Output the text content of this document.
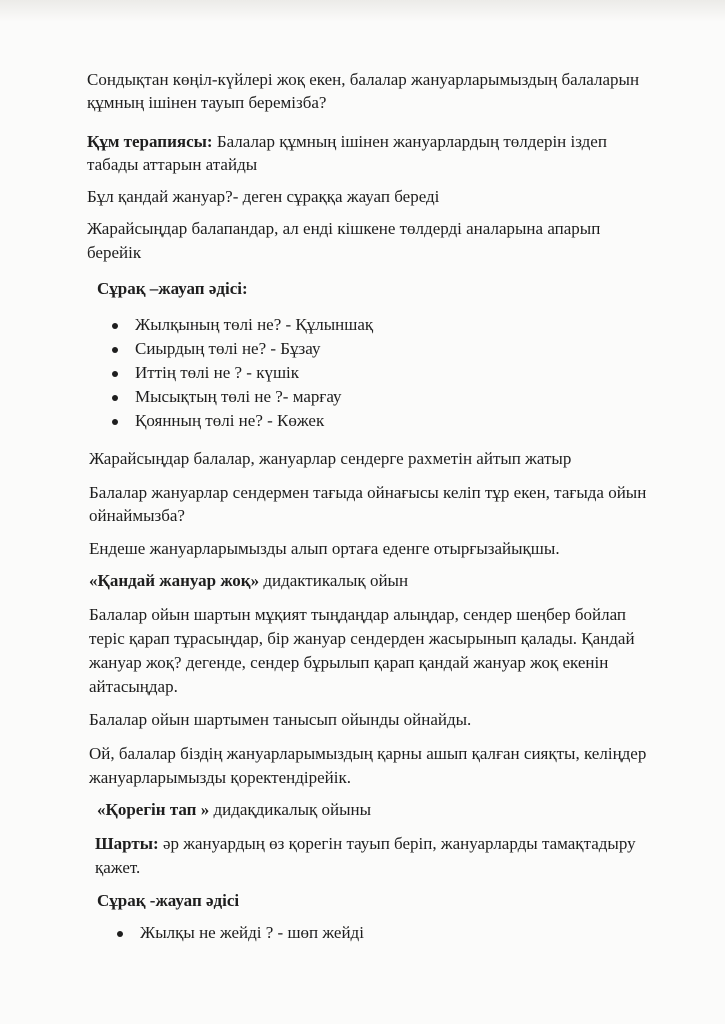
Сондықтан көңіл-күйлері жоқ екен, балалар жануарларымыздың балаларын

құмның ішінен тауып беремізба?

Құм терапиясы: Балалар құмның ішінен жануарлардың төлдерін іздеп

табады аттарын атайды

Бұл қандай жануар?- деген сұраққа жауап береді

Жарайсыңдар балапандар, ал енді кішкене төлдерді аналарына апарып

берейік

Сұрақ –жауап әдісі:

Жылқының төлі не? - Құлыншақ
Сиырдың төлі не? - Бұзау
Иттің төлі не ? - күшік
Мысықтың төлі не ?- марғау
Қоянның төлі не? - Көжек

Жарайсыңдар балалар, жануарлар сендерге рахметін айтып жатыр

Балалар жануарлар сендермен тағыда ойнағысы келіп тұр екен, тағыда ойын

ойнаймызба?

Ендеше жануарларымызды алып ортаға еденге отырғызайықшы.

«Қандай жануар жоқ» дидактикалық ойын

Балалар ойын шартын мұқият тыңдаңдар алыңдар, сендер шеңбер бойлап

теріс қарап тұрасыңдар, бір жануар сендерден жасырынып қалады. Қандай

жануар жоқ? дегенде, сендер бұрылып қарап қандай жануар жоқ екенін

айтасыңдар.

Балалар ойын шартымен танысып ойынды ойнайды.

Ой, балалар біздің жануарларымыздың қарны ашып қалған сияқты, келіңдер

жануарларымызды қоректендірейік.

«Қорегін тап » дидақдикалық ойыны

Шарты: әр жануардың өз қорегін тауып беріп, жануарларды тамақтадыру

қажет.

Сұрақ -жауап әдісі

Жылқы не жейді ? - шөп жейді
